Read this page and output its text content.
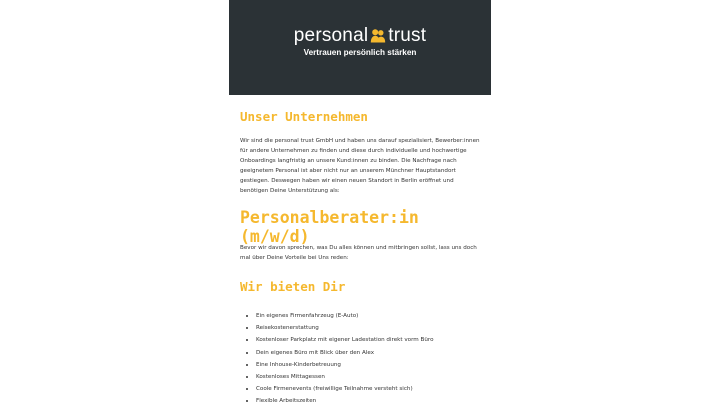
personal trust
Vertrauen persönlich stärken
Unser Unternehmen

Wir sind die personal trust GmbH und haben uns darauf spezialisiert, Bewerber:innen für andere Unternehmen zu finden und diese durch individuelle und hochwertige Onboardings langfristig an unsere Kund:innen zu binden. Die Nachfrage nach geeignetem Personal ist aber nicht nur an unserem Münchner Hauptstandort gestiegen. Deswegen haben wir einen neuen Standort in Berlin eröffnet und benötigen Deine Unterstützung als:

Personalberater:in (m/w/d)

Bevor wir davon sprechen, was Du alles können und mitbringen sollst, lass uns doch mal über Deine Vorteile bei Uns reden:

Wir bieten Dir
• Ein eigenes Firmenfahrzeug (E-Auto)
• Reisekostenerstattung
• Kostenloser Parkplatz mit eigener Ladestation direkt vorm Büro
• Dein eigenes Büro mit Blick über den Alex
• Eine Inhouse-Kinderbetreuung
• Kostenloses Mittagessen
• Coole Firmenevents (freiwillige Teilnahme versteht sich)
• Flexible Arbeitszeiten
